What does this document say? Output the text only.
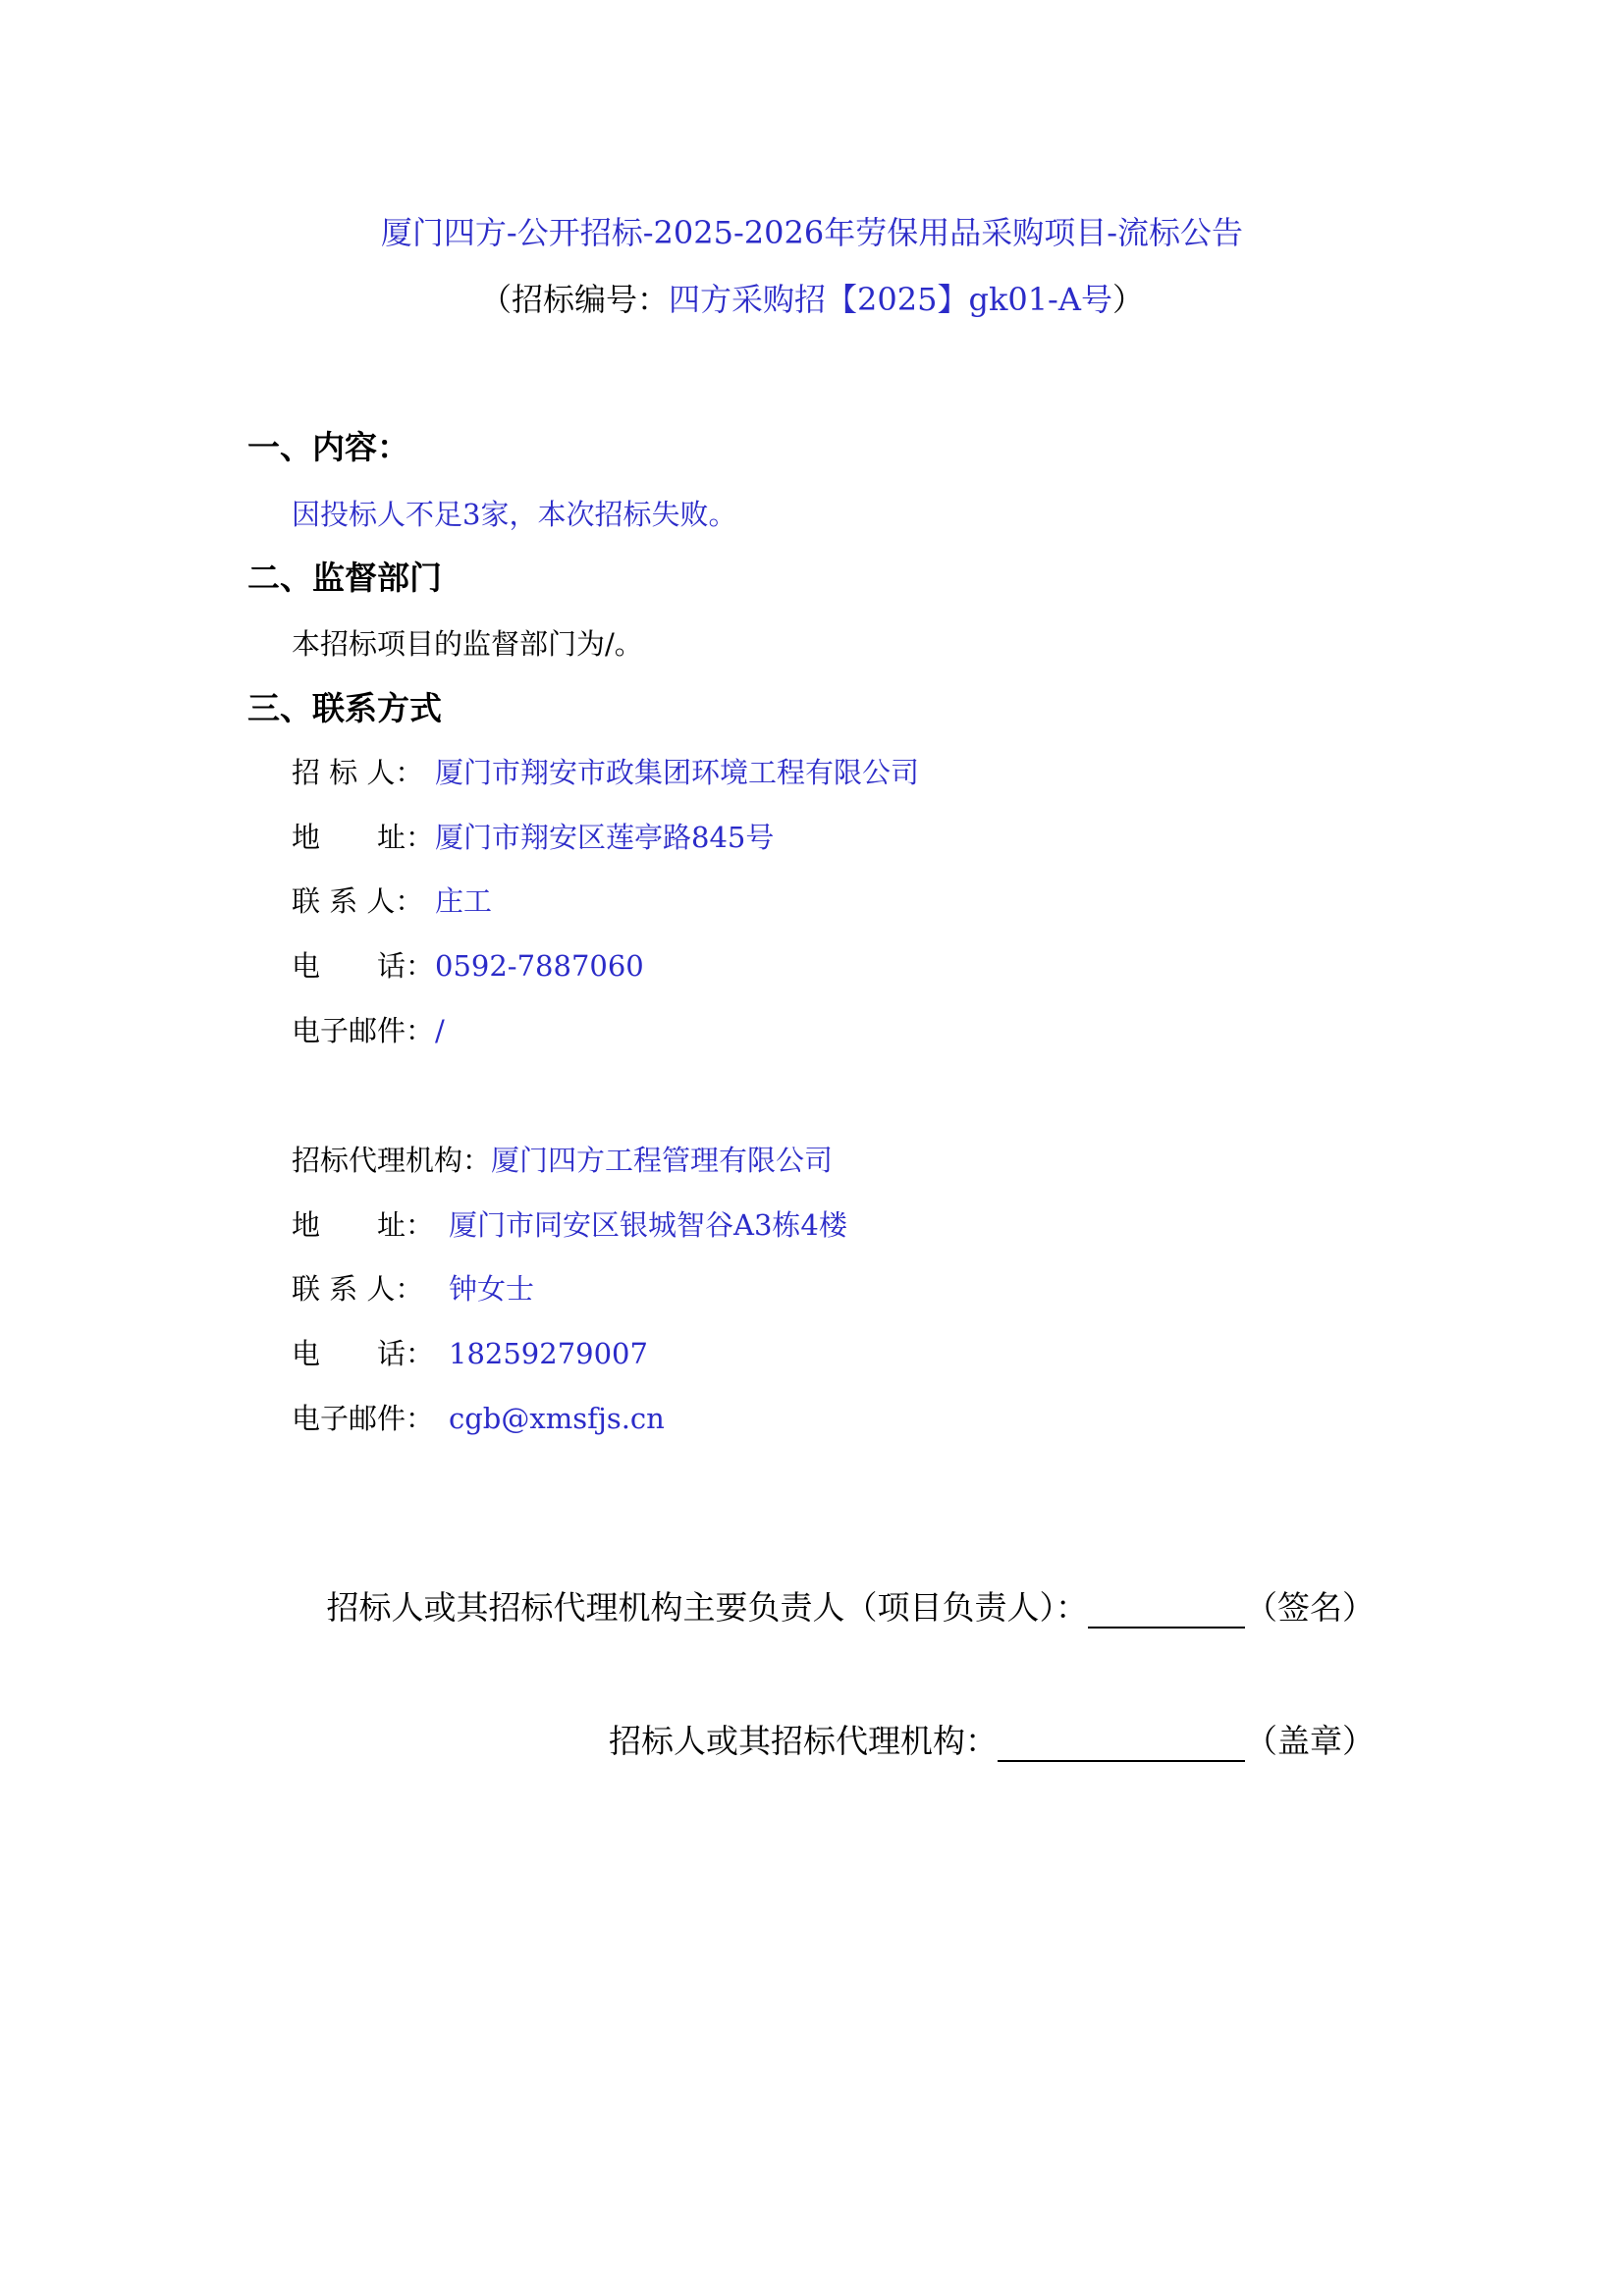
厦门四方-公开招标-2025-2026年劳保用品采购项目-流标公告
（招标编号：四方采购招【2025】gk01-A号）
一、内容：
因投标人不足3家，本次招标失败。
二、监督部门
本招标项目的监督部门为/。
三、联系方式
招 标 人： 厦门市翔安市政集团环境工程有限公司
地　　址：厦门市翔安区莲亭路845号
联 系 人： 庄工
电　　话：0592-7887060
电子邮件：/
招标代理机构：厦门四方工程管理有限公司
地　　址： 厦门市同安区银城智谷A3栋4楼
联 系 人： 钟女士
电　　话： 18259279007
电子邮件： cgb@xmsfjs.cn
招标人或其招标代理机构主要负责人（项目负责人）：	（签名）
招标人或其招标代理机构：	（盖章）
